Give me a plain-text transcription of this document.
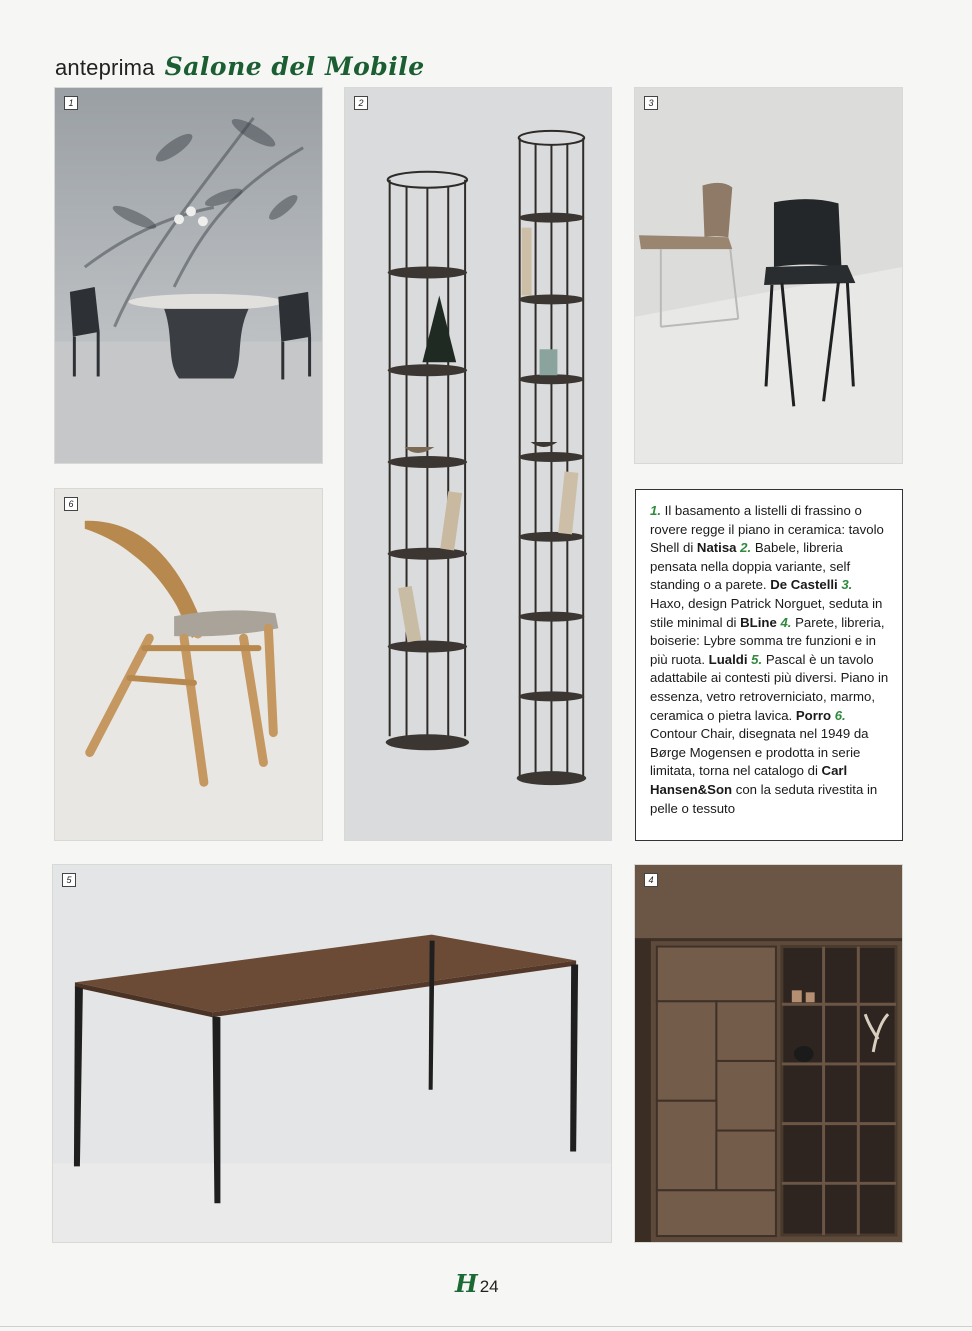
anteprima Salone del Mobile
1	2	3
6
5	4
1. Il basamento a listelli di frassino o rovere regge il piano in ceramica: tavolo Shell di Natisa 2. Babele, libreria pensata nella doppia variante, self standing o a parete. De Castelli 3. Haxo, design Patrick Norguet, seduta in stile minimal di BLine 4. Parete, libreria, boiserie: Lybre somma tre funzioni e in più ruota. Lualdi 5. Pascal è un tavolo adattabile ai contesti più diversi. Piano in essenza, vetro retroverniciato, marmo, ceramica o pietra lavica. Porro 6. Contour Chair, disegnata nel 1949 da Børge Mogensen e prodotta in serie limitata, torna nel catalogo di Carl Hansen&Son con la seduta rivestita in pelle o tessuto
H 24
